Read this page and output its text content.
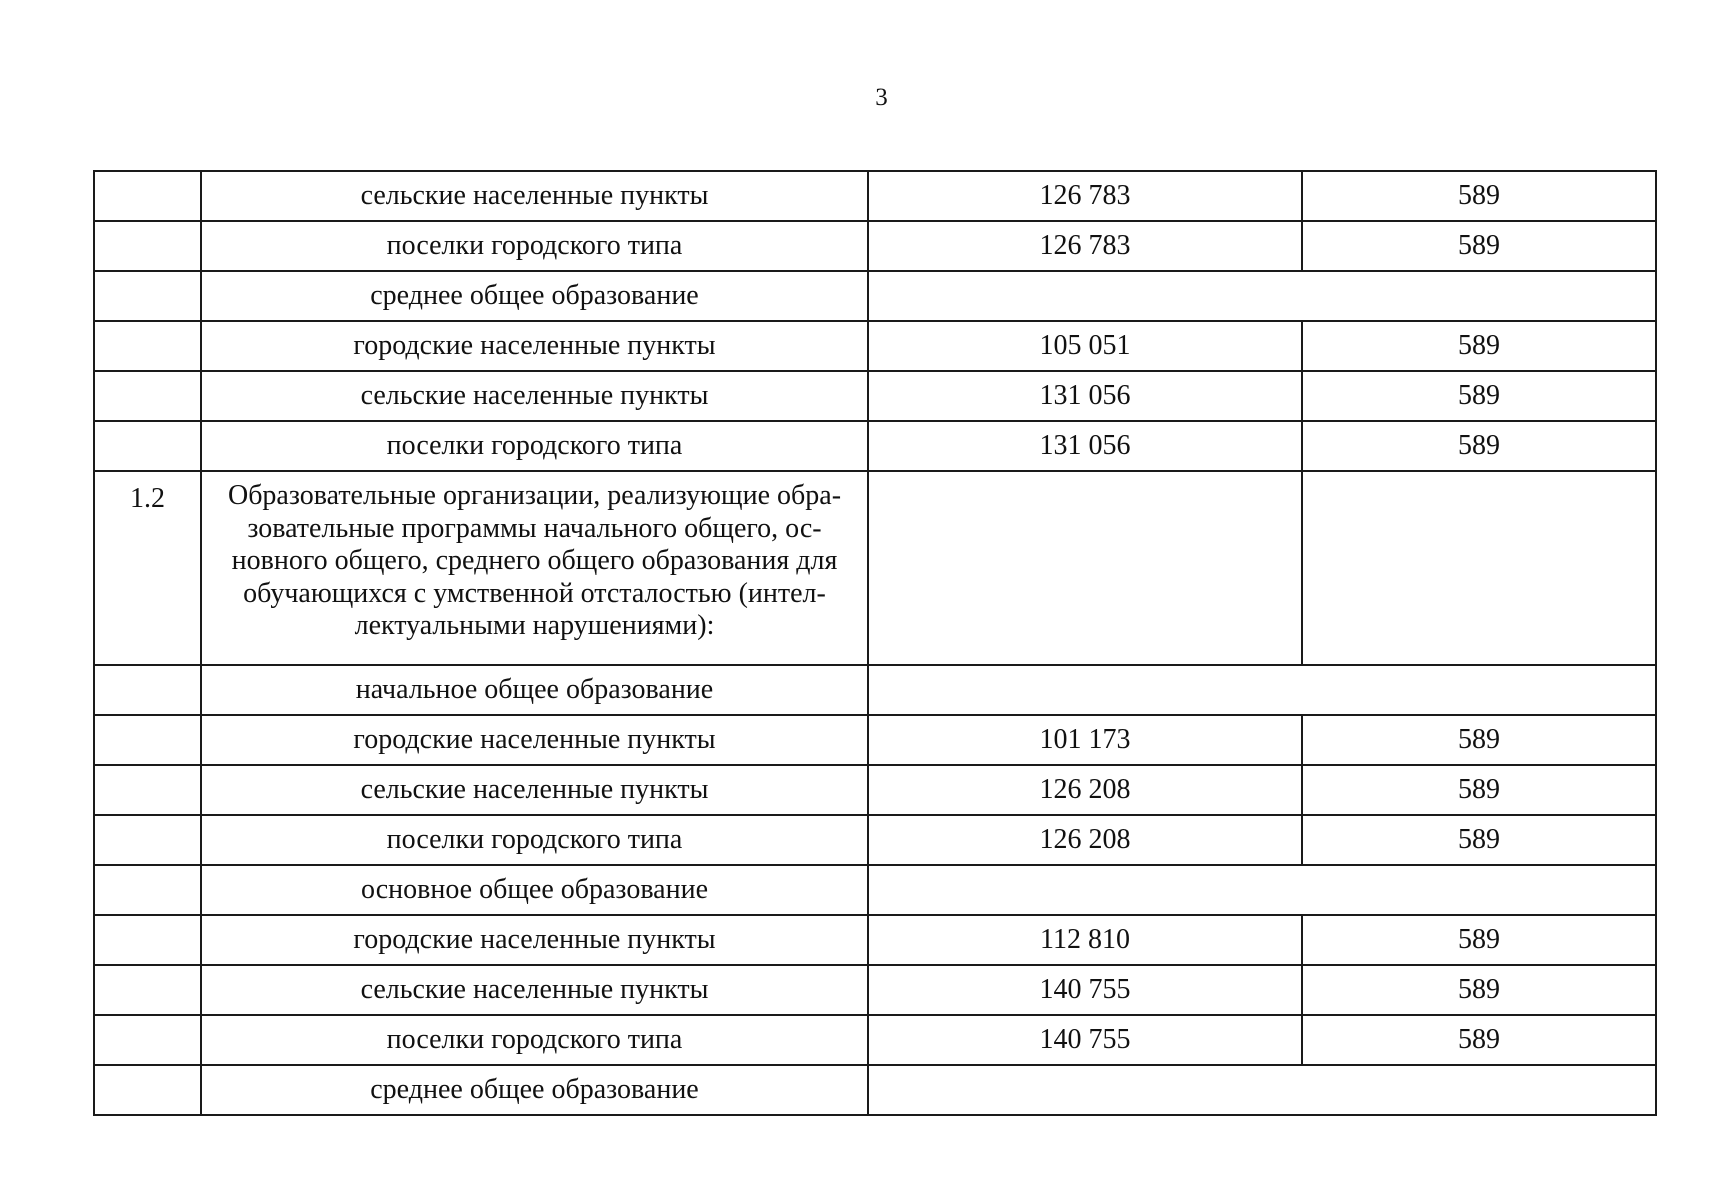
3
	сельские населенные пункты	126 783	589
	поселки городского типа	126 783	589
	среднее общее образование		
	городские населенные пункты	105 051	589
	сельские населенные пункты	131 056	589
	поселки городского типа	131 056	589
1.2	Образовательные организации, реализующие обра-
зовательные программы начального общего, ос-
новного общего, среднего общего образования для
обучающихся с умственной отсталостью (интел-
лектуальными нарушениями):		

	начальное общее образование		
	городские населенные пункты	101 173	589
	сельские населенные пункты	126 208	589
	поселки городского типа	126 208	589
	основное общее образование		
	городские населенные пункты	112 810	589
	сельские населенные пункты	140 755	589
	поселки городского типа	140 755	589
	среднее общее образование		
